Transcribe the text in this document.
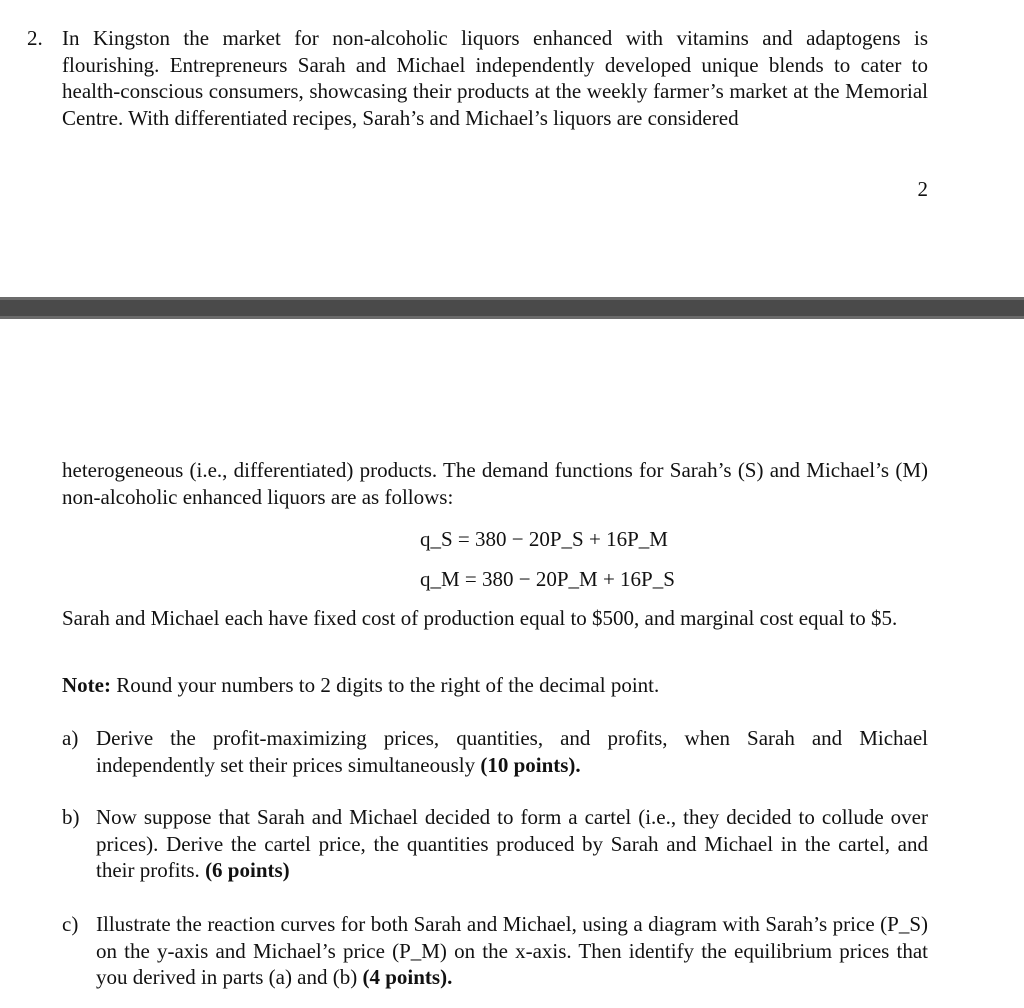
2. In Kingston the market for non-alcoholic liquors enhanced with vitamins and adaptogens is flourishing. Entrepreneurs Sarah and Michael independently developed unique blends to cater to health-conscious consumers, showcasing their products at the weekly farmer’s market at the Memorial Centre. With differentiated recipes, Sarah’s and Michael’s liquors are considered
2
heterogeneous (i.e., differentiated) products. The demand functions for Sarah’s (S) and Michael’s (M) non-alcoholic enhanced liquors are as follows:
q_S = 380 − 20P_S + 16P_M
q_M = 380 − 20P_M + 16P_S
Sarah and Michael each have fixed cost of production equal to $500, and marginal cost equal to $5.
Note: Round your numbers to 2 digits to the right of the decimal point.
a) Derive the profit-maximizing prices, quantities, and profits, when Sarah and Michael independently set their prices simultaneously (10 points).
b) Now suppose that Sarah and Michael decided to form a cartel (i.e., they decided to collude over prices). Derive the cartel price, the quantities produced by Sarah and Michael in the cartel, and their profits. (6 points)
c) Illustrate the reaction curves for both Sarah and Michael, using a diagram with Sarah’s price (P_S) on the y-axis and Michael’s price (P_M) on the x-axis. Then identify the equilibrium prices that you derived in parts (a) and (b) (4 points).
